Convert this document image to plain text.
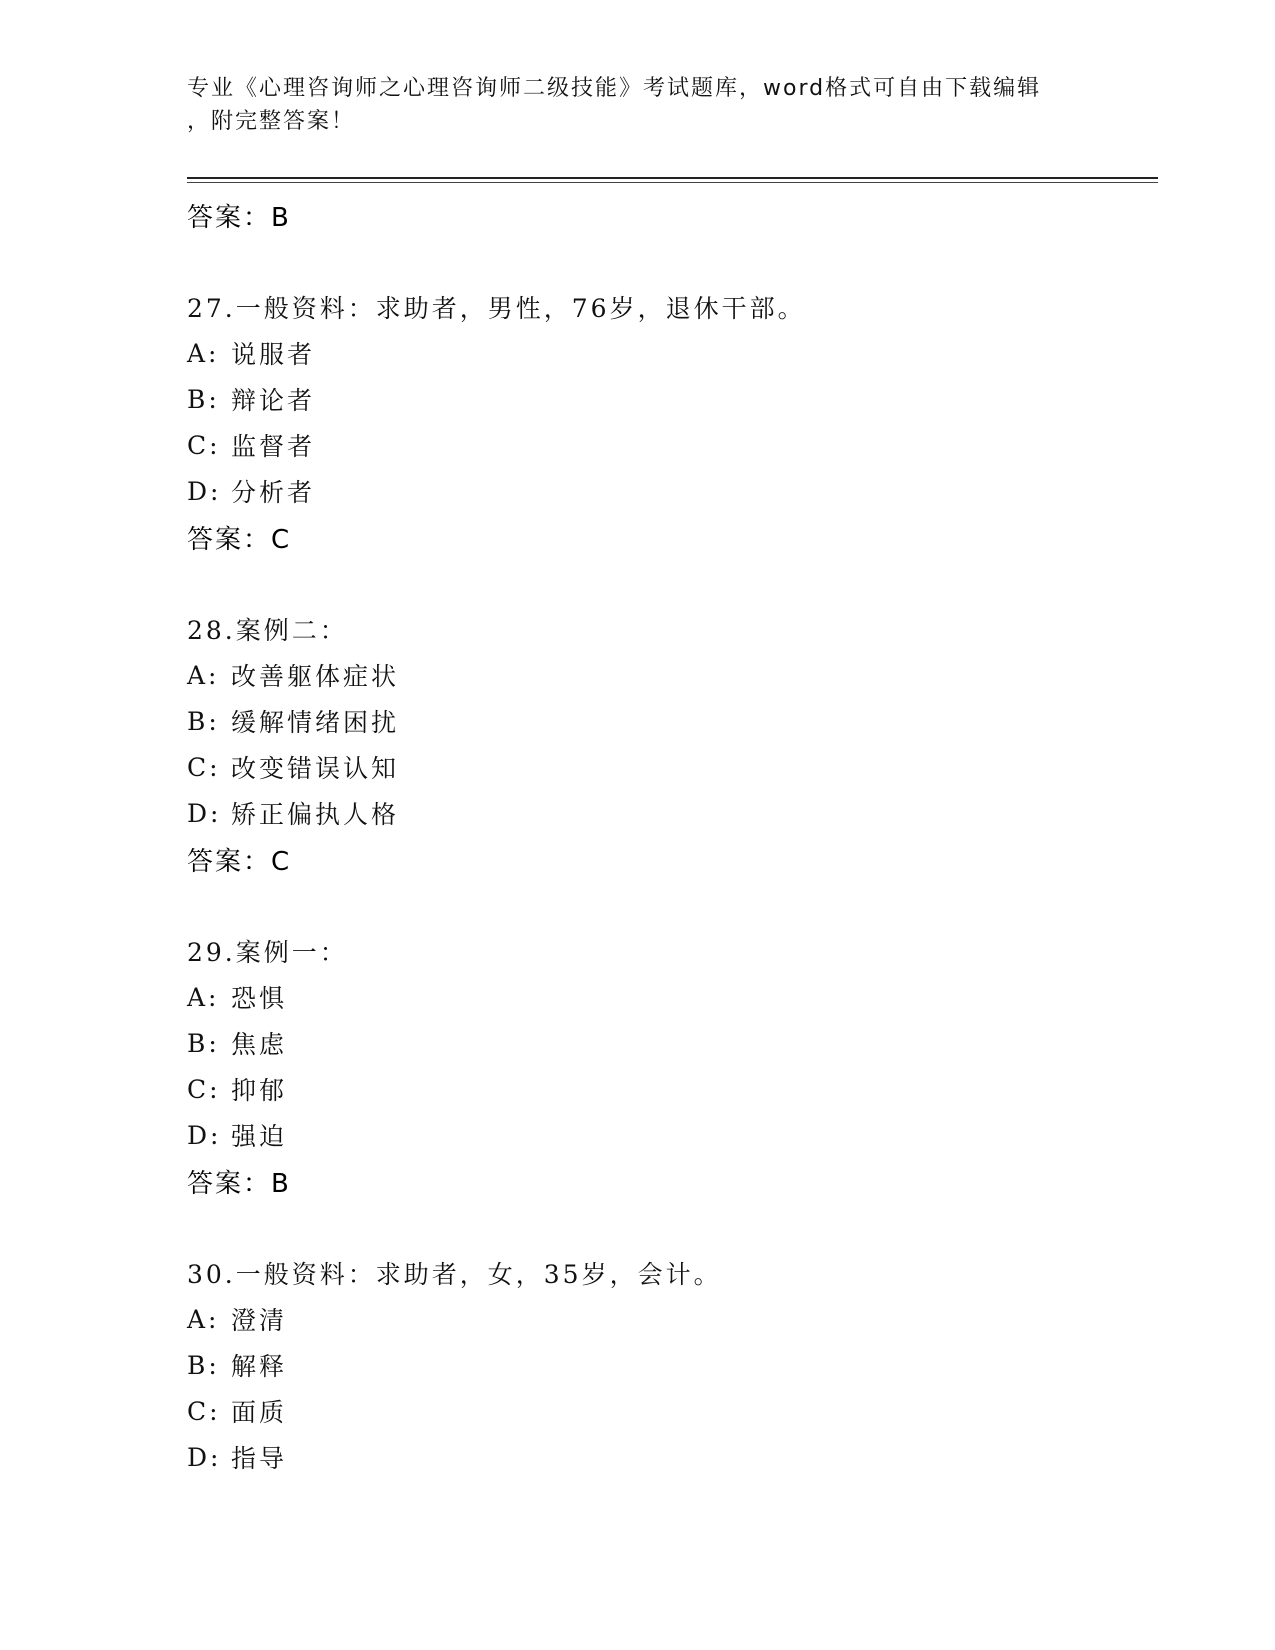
专业《心理咨询师之心理咨询师二级技能》考试题库，word格式可自由下载编辑
，附完整答案！
答案：B
27.一般资料：求助者，男性，76岁，退休干部。
A: 说服者
B: 辩论者
C: 监督者
D: 分析者
答案：C
28.案例二：
A: 改善躯体症状
B: 缓解情绪困扰
C: 改变错误认知
D: 矫正偏执人格
答案：C
29.案例一：
A: 恐惧
B: 焦虑
C: 抑郁
D: 强迫
答案：B
30.一般资料：求助者，女，35岁，会计。
A: 澄清
B: 解释
C: 面质
D: 指导
